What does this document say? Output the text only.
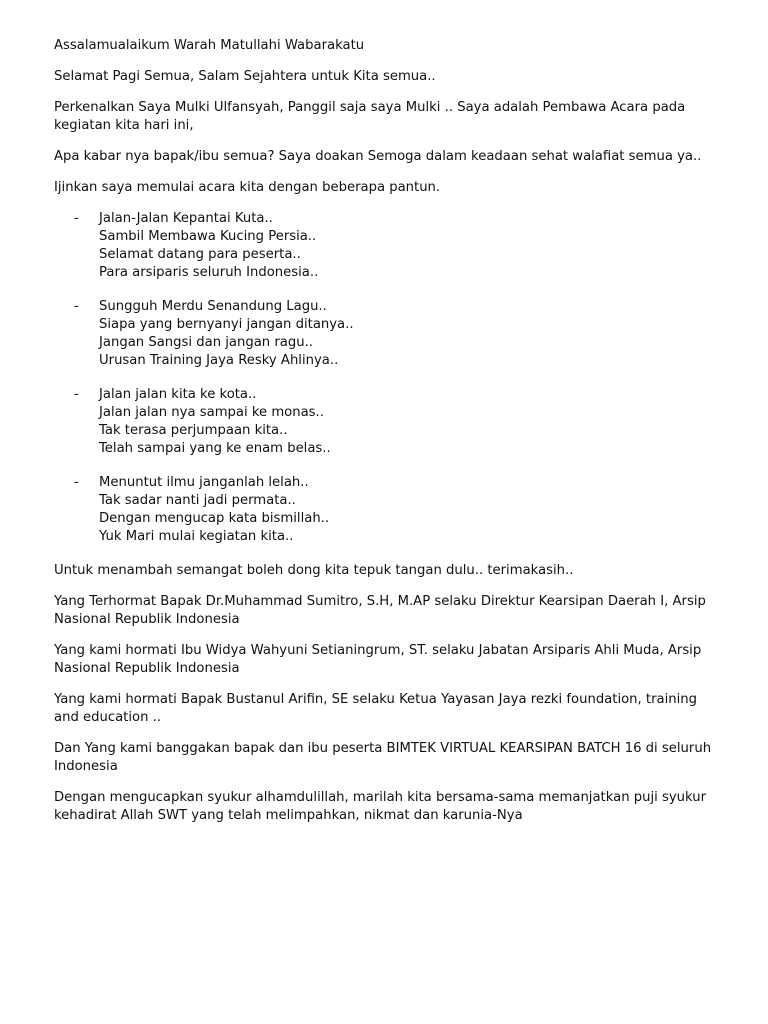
Assalamualaikum Warah Matullahi Wabarakatu

Selamat Pagi Semua, Salam Sejahtera untuk Kita semua..

Perkenalkan Saya Mulki Ulfansyah, Panggil saja saya Mulki .. Saya adalah Pembawa Acara pada kegiatan kita hari ini,

Apa kabar nya bapak/ibu semua? Saya doakan Semoga dalam keadaan sehat walafiat semua ya..

Ijinkan saya memulai acara kita dengan beberapa pantun.

- Jalan-Jalan Kepantai Kuta..
Sambil Membawa Kucing Persia..
Selamat datang para peserta..
Para arsiparis seluruh Indonesia..
- Sungguh Merdu Senandung Lagu..
Siapa yang bernyanyi jangan ditanya..
Jangan Sangsi dan jangan ragu..
Urusan Training Jaya Resky Ahlinya..
- Jalan jalan kita ke kota..
Jalan jalan nya sampai ke monas..
Tak terasa perjumpaan kita..
Telah sampai yang ke enam belas..
- Menuntut ilmu janganlah lelah..
Tak sadar nanti jadi permata..
Dengan mengucap kata bismillah..
Yuk Mari mulai kegiatan kita..

Untuk menambah semangat boleh dong kita tepuk tangan dulu.. terimakasih..

Yang Terhormat Bapak Dr.Muhammad Sumitro, S.H, M.AP selaku Direktur Kearsipan Daerah I, Arsip Nasional Republik Indonesia

Yang kami hormati Ibu Widya Wahyuni Setianingrum, ST. selaku Jabatan Arsiparis Ahli Muda, Arsip Nasional Republik Indonesia

Yang kami hormati Bapak Bustanul Arifin, SE selaku Ketua Yayasan Jaya rezki foundation, training and education ..

Dan Yang kami banggakan bapak dan ibu peserta BIMTEK VIRTUAL KEARSIPAN BATCH 16 di seluruh Indonesia

Dengan mengucapkan syukur alhamdulillah, marilah kita bersama-sama memanjatkan puji syukur kehadirat Allah SWT yang telah melimpahkan, nikmat dan karunia-Nya
